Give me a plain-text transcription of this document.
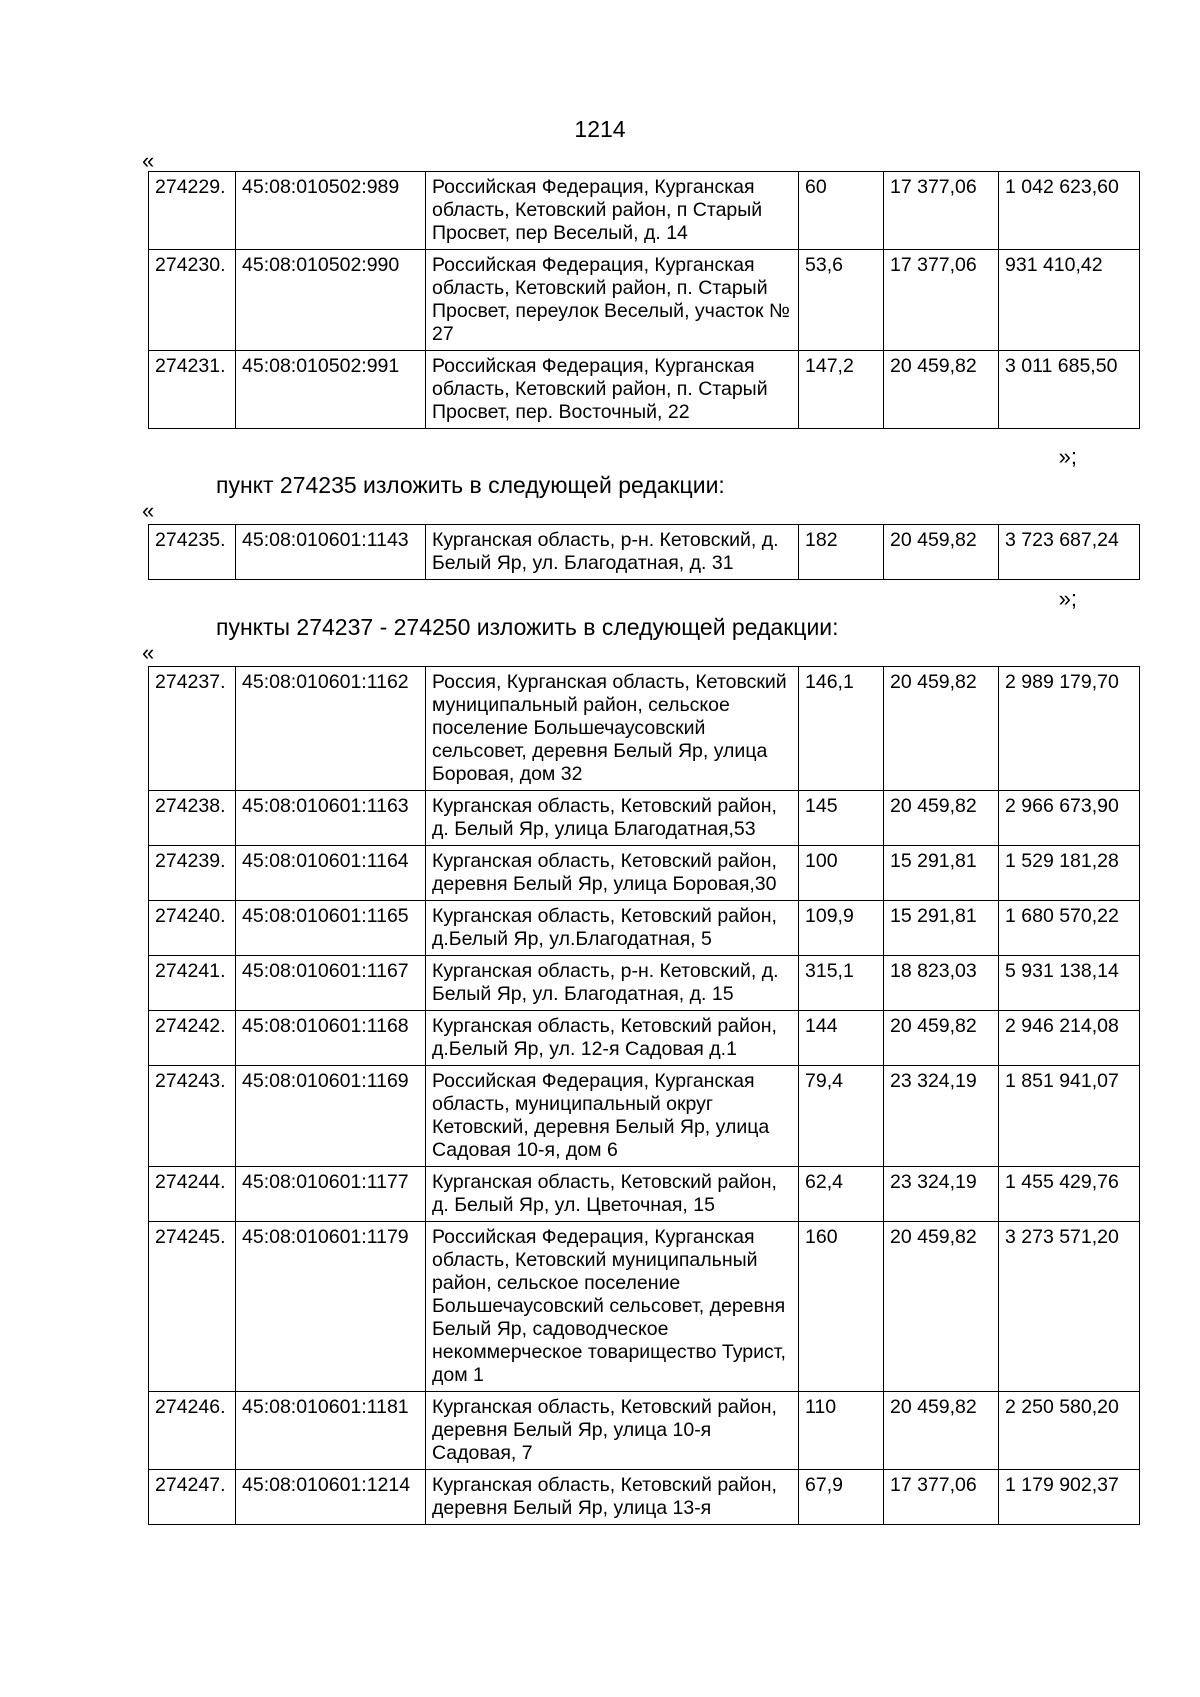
1214
«
274229.	45:08:010502:989	Российская Федерация, Курганская область, Кетовский район, п Старый Просвет, пер Веселый, д. 14	60	17 377,06	1 042 623,60
274230.	45:08:010502:990	Российская Федерация, Курганская область, Кетовский район, п. Старый Просвет, переулок Веселый, участок № 27	53,6	17 377,06	931 410,42
274231.	45:08:010502:991	Российская Федерация, Курганская область, Кетовский район, п. Старый Просвет, пер. Восточный, 22	147,2	20 459,82	3 011 685,50
»;
пункт 274235 изложить в следующей редакции:
«
274235.	45:08:010601:1143	Курганская область, р-н. Кетовский, д. Белый Яр, ул. Благодатная, д. 31	182	20 459,82	3 723 687,24
»;
пункты 274237 - 274250 изложить в следующей редакции:
«
274237.	45:08:010601:1162	Россия, Курганская область, Кетовский муниципальный район, сельское поселение Большечаусовский сельсовет, деревня Белый Яр, улица Боровая, дом 32	146,1	20 459,82	2 989 179,70
274238.	45:08:010601:1163	Курганская область, Кетовский район, д. Белый Яр, улица Благодатная,53	145	20 459,82	2 966 673,90
274239.	45:08:010601:1164	Курганская область, Кетовский район, деревня Белый Яр, улица Боровая,30	100	15 291,81	1 529 181,28
274240.	45:08:010601:1165	Курганская область, Кетовский район, д.Белый Яр, ул.Благодатная, 5	109,9	15 291,81	1 680 570,22
274241.	45:08:010601:1167	Курганская область, р-н. Кетовский, д. Белый Яр, ул. Благодатная, д. 15	315,1	18 823,03	5 931 138,14
274242.	45:08:010601:1168	Курганская область, Кетовский район, д.Белый Яр, ул. 12-я Садовая д.1	144	20 459,82	2 946 214,08
274243.	45:08:010601:1169	Российская Федерация, Курганская область, муниципальный округ Кетовский, деревня Белый Яр, улица Садовая 10-я, дом 6	79,4	23 324,19	1 851 941,07
274244.	45:08:010601:1177	Курганская область, Кетовский район, д. Белый Яр, ул. Цветочная, 15	62,4	23 324,19	1 455 429,76
274245.	45:08:010601:1179	Российская Федерация, Курганская область, Кетовский муниципальный район, сельское поселение Большечаусовский сельсовет, деревня Белый Яр, садоводческое некоммерческое товарищество Турист, дом 1	160	20 459,82	3 273 571,20
274246.	45:08:010601:1181	Курганская область, Кетовский район, деревня Белый Яр, улица 10-я Садовая, 7	110	20 459,82	2 250 580,20
274247.	45:08:010601:1214	Курганская область, Кетовский район, деревня Белый Яр, улица 13-я	67,9	17 377,06	1 179 902,37
